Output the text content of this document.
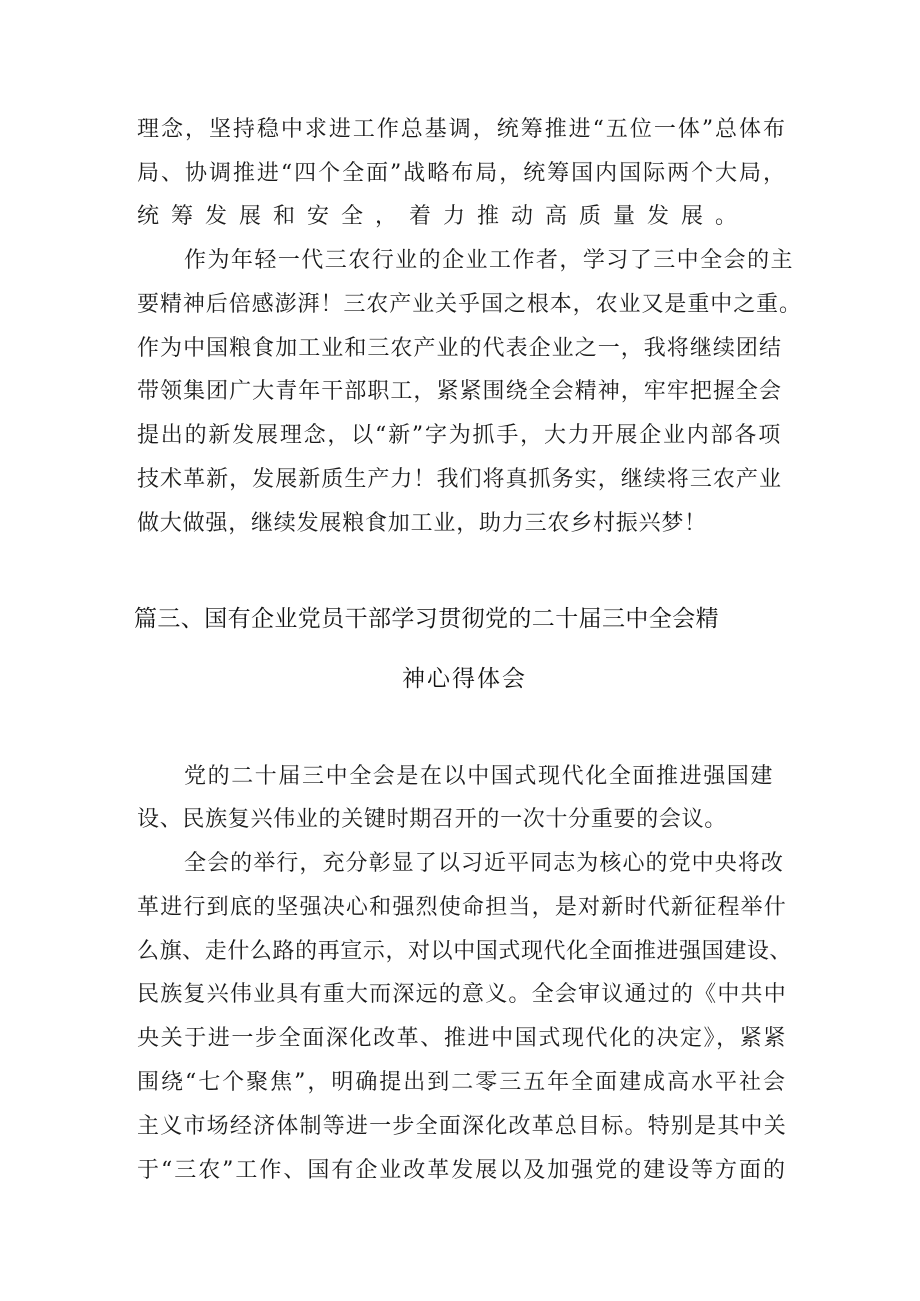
理念，坚持稳中求进工作总基调，统筹推进“五位一体”总体布

局、协调推进“四个全面”战略布局，统筹国内国际两个大局，

统筹发展和安全，着力推动高质量发展。

作为年轻一代三农行业的企业工作者，学习了三中全会的主

要精神后倍感澎湃！三农产业关乎国之根本，农业又是重中之重。

作为中国粮食加工业和三农产业的代表企业之一，我将继续团结

带领集团广大青年干部职工，紧紧围绕全会精神，牢牢把握全会

提出的新发展理念，以“新”字为抓手，大力开展企业内部各项

技术革新，发展新质生产力！我们将真抓务实，继续将三农产业

做大做强，继续发展粮食加工业，助力三农乡村振兴梦！

篇三、国有企业党员干部学习贯彻党的二十届三中全会精

神心得体会

党的二十届三中全会是在以中国式现代化全面推进强国建

设、民族复兴伟业的关键时期召开的一次十分重要的会议。

全会的举行，充分彰显了以习近平同志为核心的党中央将改

革进行到底的坚强决心和强烈使命担当，是对新时代新征程举什

么旗、走什么路的再宣示，对以中国式现代化全面推进强国建设、

民族复兴伟业具有重大而深远的意义。全会审议通过的《中共中

央关于进一步全面深化改革、推进中国式现代化的决定》，紧紧

围绕“七个聚焦”，明确提出到二零三五年全面建成高水平社会

主义市场经济体制等进一步全面深化改革总目标。特别是其中关

于“三农”工作、国有企业改革发展以及加强党的建设等方面的
